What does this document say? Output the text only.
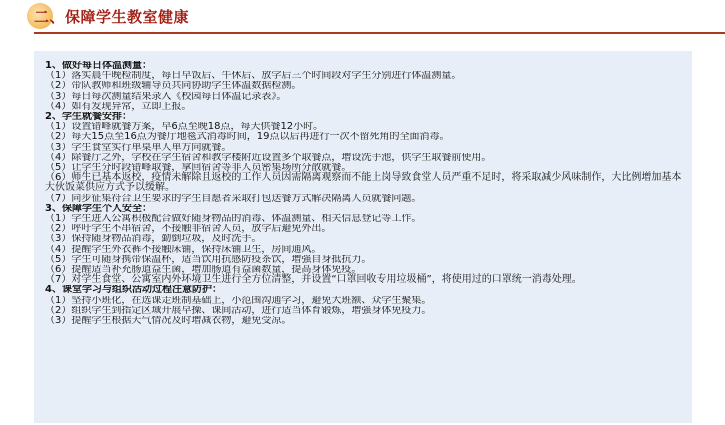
二、保障学生教室健康
1、做好每日体温测量：
（1）落实晨午晚检制度，每日早饭后、午休后、放学后三个时间段对学生分别进行体温测量。
（2）带队教师和班级辅导员共同协助学生体温数据检测。
（3）每日每次测量结果录入《校园每日体温记录表》。
（4）如有发现异常，立即上报。
2、学生就餐安排：
（1）设置错峰就餐方案，早6点至晚18点，每天供餐12小时。
（2）每天15点至16点为餐厅地毯式消毒时间，19点以后再进行一次不留死角的全面消毒。
（3）学生食堂实行单桌单人单方向就餐。
（4）除餐厅之外，学校在学生宿舍和教学楼附近设置多个取餐点，增设洗手池，供学生取餐前使用。
（5）让学生分时段错峰取餐，拿回宿舍等非人员密集场所分散就餐。
（6）师生已基本返校，疫情未解除且返校的工作人员因需隔离观察而不能上岗导致食堂人员严重不足时，将采取减少风味制作，大比例增加基本大伙饭菜供应方式予以缓解。
（7）同步征集符合卫生要求的学生自愿者采取打包送餐方式解决隔离人员就餐问题。
3、保障学生个人安全：
（1）学生进入公寓积极配合做好随身物品的消毒、体温测量、相关信息登记等工作。
（2）呼吁学生不串宿舍，不接触非宿舍人员，放学后避免外出。
（3）保持随身物品消毒，勤倒垃圾，及时洗手。
（4）提醒学生外衣裤不接触床铺，保持床铺卫生，房间通风。
（5）学生可随身携带保温杯，适当饮用抗感防疫茶饮，增强自身抵抗力。
（6）提醒适当补充肠道益生菌，增加肠道有益菌数量，提高身体免疫。
（7）对学生食堂、公寓室内外环境卫生进行全方位清整，并设置“口罩回收专用垃圾桶”，将使用过的口罩统一消毒处理。
4、课堂学习与组织活动过程注意防护：
（1）坚持小班化，在选课走班制基础上，小范围沟通学习，避免大班额、众学生聚集。
（2）组织学生到指定区域开展早操、课间活动，进行适当体育锻炼，增强身体免疫力。
（3）提醒学生根据天气情况及时增减衣物，避免受凉。
